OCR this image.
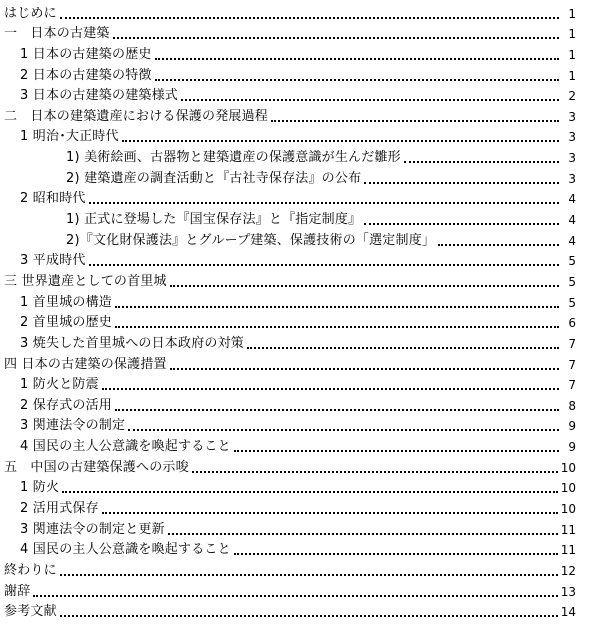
はじめに	1
一　日本の古建築	1
1 日本の古建築の歴史	1
2 日本の古建築の特徴	1
3 日本の古建築の建築様式	2
二　日本の建築遺産における保護の発展過程	3
1 明治･大正時代	3
1) 美術絵画、古器物と建築遺産の保護意識が生んだ雛形	3
2) 建築遺産の調査活動と『古社寺保存法』の公布	3
2 昭和時代	4
1) 正式に登場した『国宝保存法』と『指定制度』	4
2)『文化財保護法』とグループ建築、保護技術の「選定制度」	4
3 平成時代	5
三 世界遺産としての首里城	5
1 首里城の構造	5
2 首里城の歴史	6
3 焼失した首里城への日本政府の対策	7
四 日本の古建築の保護措置	7
1 防火と防震	7
2 保存式の活用	8
3 関連法令の制定	9
4 国民の主人公意識を喚起すること	9
五　中国の古建築保護への示唆	10
1 防火	10
2 活用式保存	10
3 関連法令の制定と更新	11
4 国民の主人公意識を喚起すること	11
終わりに	12
謝辞	13
参考文献	14
